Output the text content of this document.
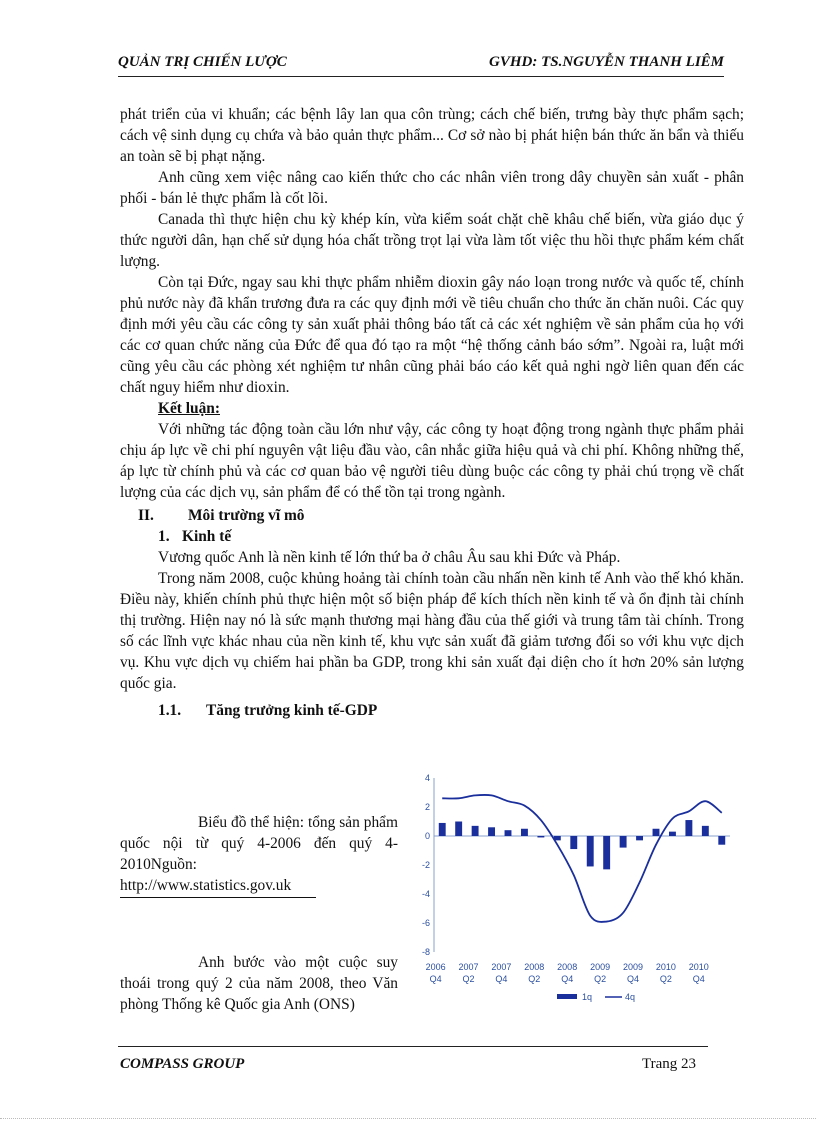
QUẢN TRỊ CHIẾN LƯỢC	GVHD: TS.NGUYỄN THANH LIÊM

phát triển của vi khuẩn; các bệnh lây lan qua côn trùng; cách chế biến, trưng bày thực phẩm sạch; cách vệ sinh dụng cụ chứa và bảo quản thực phẩm... Cơ sở nào bị phát hiện bán thức ăn bẩn và thiếu an toàn sẽ bị phạt nặng.

Anh cũng xem việc nâng cao kiến thức cho các nhân viên trong dây chuyền sản xuất - phân phối - bán lẻ thực phẩm là cốt lõi.

Canada thì thực hiện chu kỳ khép kín, vừa kiểm soát chặt chẽ khâu chế biến, vừa giáo dục ý thức người dân, hạn chế sử dụng hóa chất trồng trọt lại vừa làm tốt việc thu hồi thực phẩm kém chất lượng.

Còn tại Đức, ngay sau khi thực phẩm nhiễm dioxin gây náo loạn trong nước và quốc tế, chính phủ nước này đã khẩn trương đưa ra các quy định mới về tiêu chuẩn cho thức ăn chăn nuôi. Các quy định mới yêu cầu các công ty sản xuất phải thông báo tất cả các xét nghiệm về sản phẩm của họ với các cơ quan chức năng của Đức để qua đó tạo ra một “hệ thống cảnh báo sớm”. Ngoài ra, luật mới cũng yêu cầu các phòng xét nghiệm tư nhân cũng phải báo cáo kết quả nghi ngờ liên quan đến các chất nguy hiểm như dioxin.

Kết luận:

Với những tác động toàn cầu lớn như vậy, các công ty hoạt động trong ngành thực phẩm phải chịu áp lực về chi phí nguyên vật liệu đầu vào, cân nhắc giữa hiệu quả và chi phí. Không những thế, áp lực từ chính phủ và các cơ quan bảo vệ người tiêu dùng buộc các công ty phải chú trọng về chất lượng của các dịch vụ, sản phẩm để có thể tồn tại trong ngành.

II. Môi trường vĩ mô

1. Kinh tế

Vương quốc Anh là nền kinh tế lớn thứ ba ở châu Âu sau khi Đức và Pháp.

Trong năm 2008, cuộc khủng hoảng tài chính toàn cầu nhấn nền kinh tế Anh vào thế khó khăn. Điều này, khiến chính phủ thực hiện một số biện pháp để kích thích nền kinh tế và ổn định tài chính thị trường. Hiện nay nó là sức mạnh thương mại hàng đầu của thế giới và trung tâm tài chính. Trong số các lĩnh vực khác nhau của nền kinh tế, khu vực sản xuất đã giảm tương đối so với khu vực dịch vụ. Khu vực dịch vụ chiếm hai phần ba GDP, trong khi sản xuất đại diện cho ít hơn 20% sản lượng quốc gia.

1.1. Tăng trưởng kinh tế-GDP

Biểu đồ thể hiện: tổng sản phẩm quốc nội từ quý 4-2006 đến quý 4-2010Nguồn:
http://www.statistics.gov.uk
Anh bước vào một cuộc suy thoái trong quý 2 của năm 2008, theo Văn phòng Thống kê Quốc gia Anh (ONS)
4
2
0
-2
-4
-6
-8
2006
Q4
2007
Q2
2007
Q4
2008
Q2
2008
Q4
2009
Q2
2009
Q4
2010
Q2
2010
Q4
1q	4q
COMPASS GROUP	Trang 23
